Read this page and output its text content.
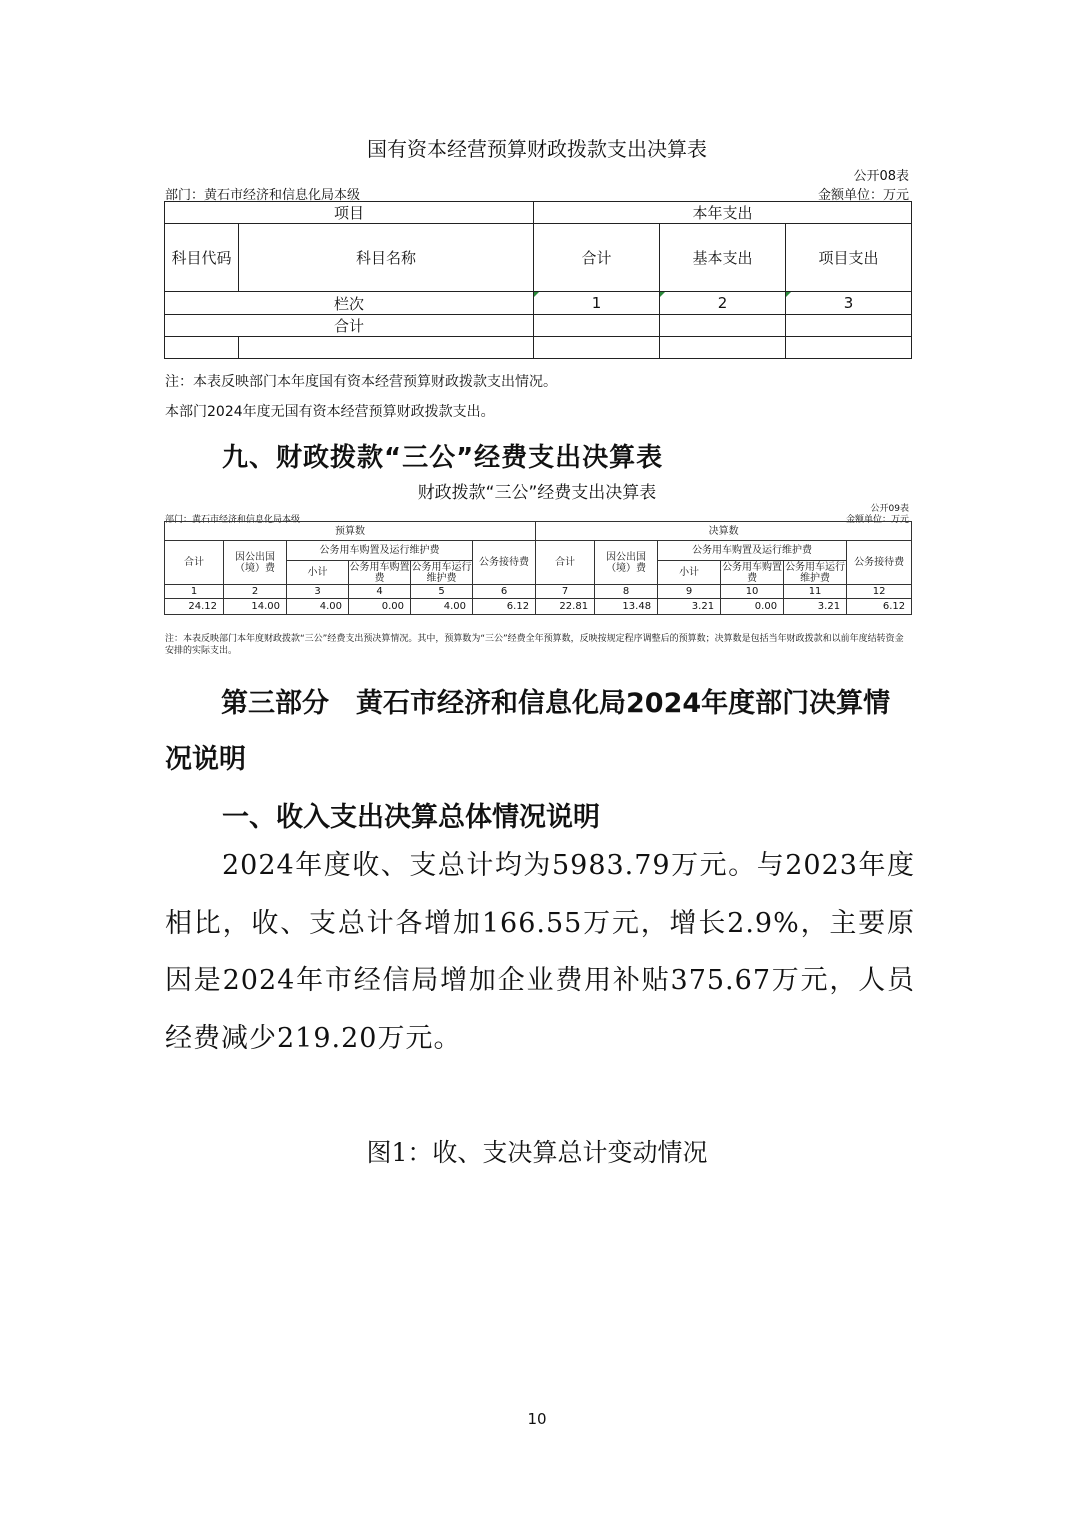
国有资本经营预算财政拨款支出决算表
公开08表
部门：黄石市经济和信息化局本级	金额单位：万元
项目		本年支出		
科目代码	科目名称	合计	基本支出	项目支出
栏次		1	2	3
合计				

注：本表反映部门本年度国有资本经营预算财政拨款支出情况。
本部门2024年度无国有资本经营预算财政拨款支出。
九、财政拨款“三公”经费支出决算表
财政拨款“三公”经费支出决算表
公开09表
部门：黄石市经济和信息化局本级	金额单位：万元
预算数						决算数					
合计	因公出国（境）费	公务用车购置及运行维护费			公务接待费	合计	因公出国（境）费	公务用车购置及运行维护费			公务接待费
		小计	公务用车购置费	公务用车运行维护费				小计	公务用车购置费	公务用车运行维护费	
1	2	3	4	5	6	7	8	9	10	11	12
24.12	14.00	4.00	0.00	4.00	6.12	22.81	13.48	3.21	0.00	3.21	6.12
注：本表反映部门本年度财政拨款“三公”经费支出预决算情况。其中，预算数为“三公”经费全年预算数，反映按规定程序调整后的预算数；决算数是包括当年财政拨款和以前年度结转资金安排的实际支出。
第三部分　黄石市经济和信息化局2024年度部门决算情况说明
一、收入支出决算总体情况说明
2024年度收、支总计均为5983.79万元。与2023年度相比，收、支总计各增加166.55万元，增长2.9%，主要原因是2024年市经信局增加企业费用补贴375.67万元，人员经费减少219.20万元。
图1：收、支决算总计变动情况
10
